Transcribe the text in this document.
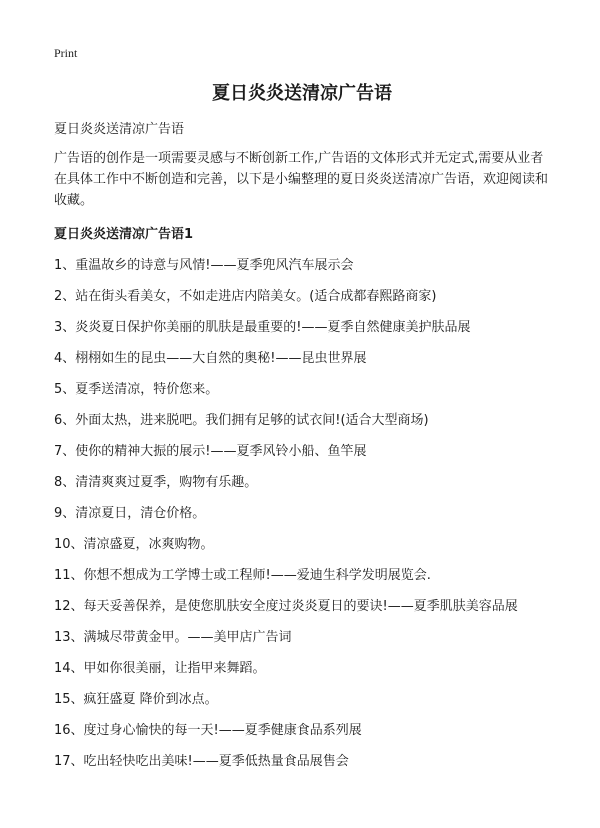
Print
夏日炎炎送清凉广告语
夏日炎炎送清凉广告语

广告语的创作是一项需要灵感与不断创新工作,广告语的文体形式并无定式,需要从业者在具体工作中不断创造和完善，以下是小编整理的夏日炎炎送清凉广告语，欢迎阅读和收藏。

夏日炎炎送清凉广告语1
1、重温故乡的诗意与风情!——夏季兜风汽车展示会
2、站在街头看美女，不如走进店内陪美女。(适合成都春熙路商家)
3、炎炎夏日保护你美丽的肌肤是最重要的!——夏季自然健康美护肤品展
4、栩栩如生的昆虫——大自然的奥秘!——昆虫世界展
5、夏季送清凉，特价您来。
6、外面太热，进来脱吧。我们拥有足够的试衣间!(适合大型商场)
7、使你的精神大振的展示!——夏季风铃小船、鱼竿展
8、清清爽爽过夏季，购物有乐趣。
9、清凉夏日，清仓价格。
10、清凉盛夏，冰爽购物。
11、你想不想成为工学博士或工程师!——爱迪生科学发明展览会.
12、每天妥善保养，是使您肌肤安全度过炎炎夏日的要诀!——夏季肌肤美容品展
13、满城尽带黄金甲。——美甲店广告词
14、甲如你很美丽，让指甲来舞蹈。
15、疯狂盛夏 降价到冰点。
16、度过身心愉快的每一天!——夏季健康食品系列展
17、吃出轻快吃出美味!——夏季低热量食品展售会
